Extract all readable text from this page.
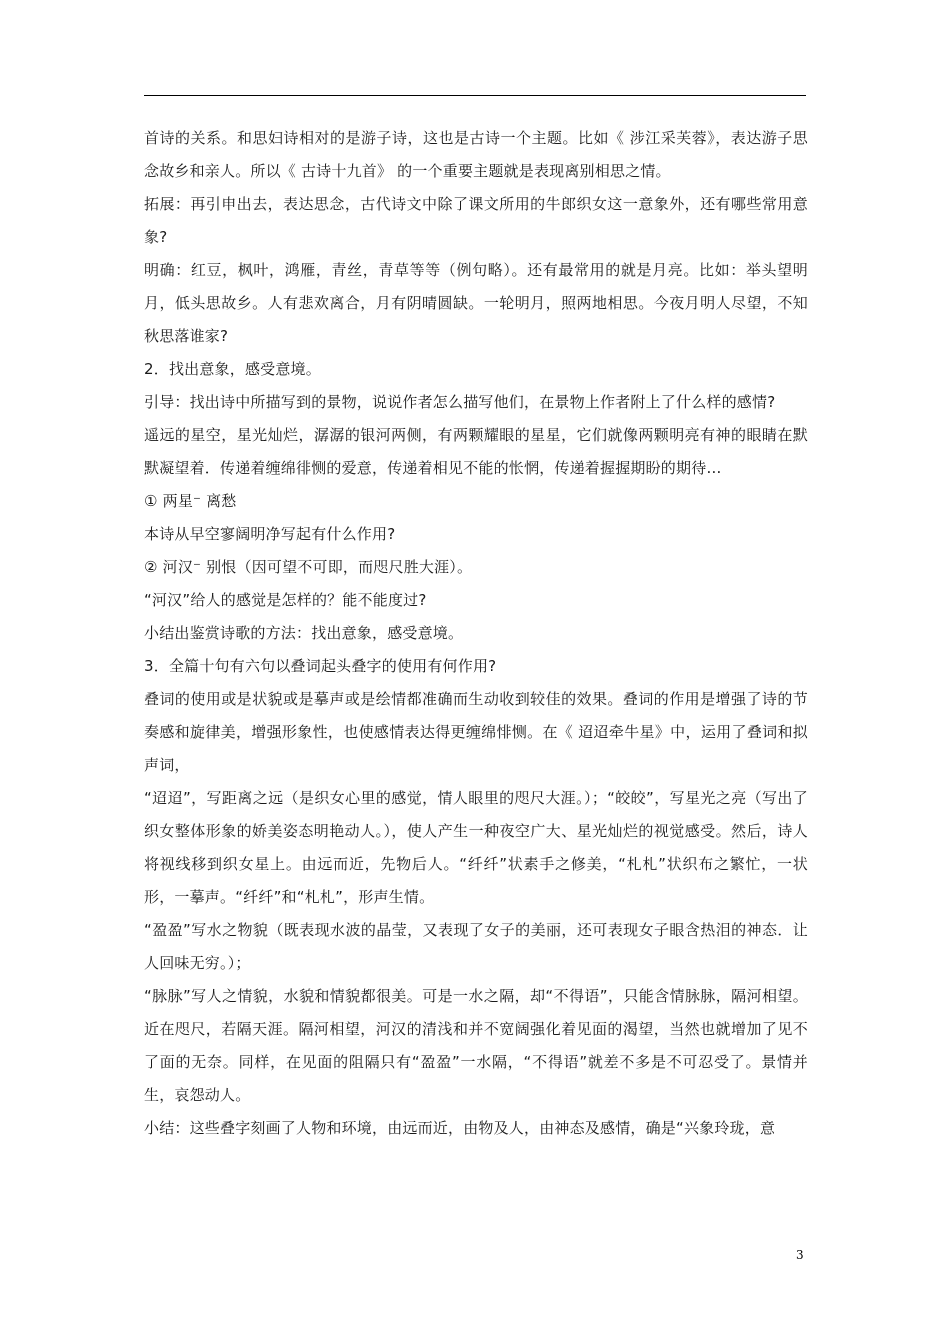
首诗的关系。和思妇诗相对的是游子诗，这也是古诗一个主题。比如《 涉江采芙蓉》，表达游子思念故乡和亲人。所以《 古诗十九首》 的一个重要主题就是表现离别相思之情。

拓展：再引申出去，表达思念，古代诗文中除了课文所用的牛郎织女这一意象外，还有哪些常用意象?

明确：红豆，枫叶，鸿雁，青丝，青草等等（例句略）。还有最常用的就是月亮。比如：举头望明月，低头思故乡。人有悲欢离合，月有阴晴圆缺。一轮明月，照两地相思。今夜月明人尽望，不知秋思落谁家?

2．找出意象，感受意境。

引导：找出诗中所描写到的景物，说说作者怎么描写他们，在景物上作者附上了什么样的感情?

遥远的星空，星光灿烂，潺潺的银河两侧，有两颗耀眼的星星，它们就像两颗明亮有神的眼睛在默默凝望着．传递着缠绵徘恻的爱意，传递着相见不能的怅惘，传递着握握期盼的期待…

① 两星⁻ 离愁

本诗从早空寥阔明净写起有什么作用?

② 河汉⁻ 别恨（因可望不可即，而咫尺胜大涯）。

“河汉”给人的感觉是怎样的？能不能度过?

小结出鉴赏诗歌的方法：找出意象，感受意境。

3．全篇十句有六句以叠词起头叠字的使用有何作用?

叠词的使用或是状貌或是摹声或是绘情都准确而生动收到较佳的效果。叠词的作用是增强了诗的节奏感和旋律美，增强形象性，也使感情表达得更缠绵悱恻。在《 迢迢牵牛星》中，运用了叠词和拟声词，

“迢迢”，写距离之远（是织女心里的感觉，情人眼里的咫尺大涯。）；“皎皎”，写星光之亮（写出了织女整体形象的娇美姿态明艳动人。），使人产生一种夜空广大、星光灿烂的视觉感受。然后，诗人将视线移到织女星上。由远而近，先物后人。“纤纤”状素手之修美，“札札”状织布之繁忙，一状形，一摹声。“纤纤”和“札札”，形声生情。

“盈盈”写水之物貌（既表现水波的晶莹，又表现了女子的美丽，还可表现女子眼含热泪的神态．让人回味无穷。）；

“脉脉”写人之情貌，水貌和情貌都很美。可是一水之隔，却“不得语”，只能含情脉脉，隔河相望。近在咫尺，若隔天涯。隔河相望，河汉的清浅和并不宽阔强化着见面的渴望，当然也就增加了见不了面的无奈。同样，在见面的阻隔只有“盈盈”一水隔，“不得语”就差不多是不可忍受了。景情并生，哀怨动人。

小结：这些叠字刻画了人物和环境，由远而近，由物及人，由神态及感情，确是“兴象玲珑，意

3
